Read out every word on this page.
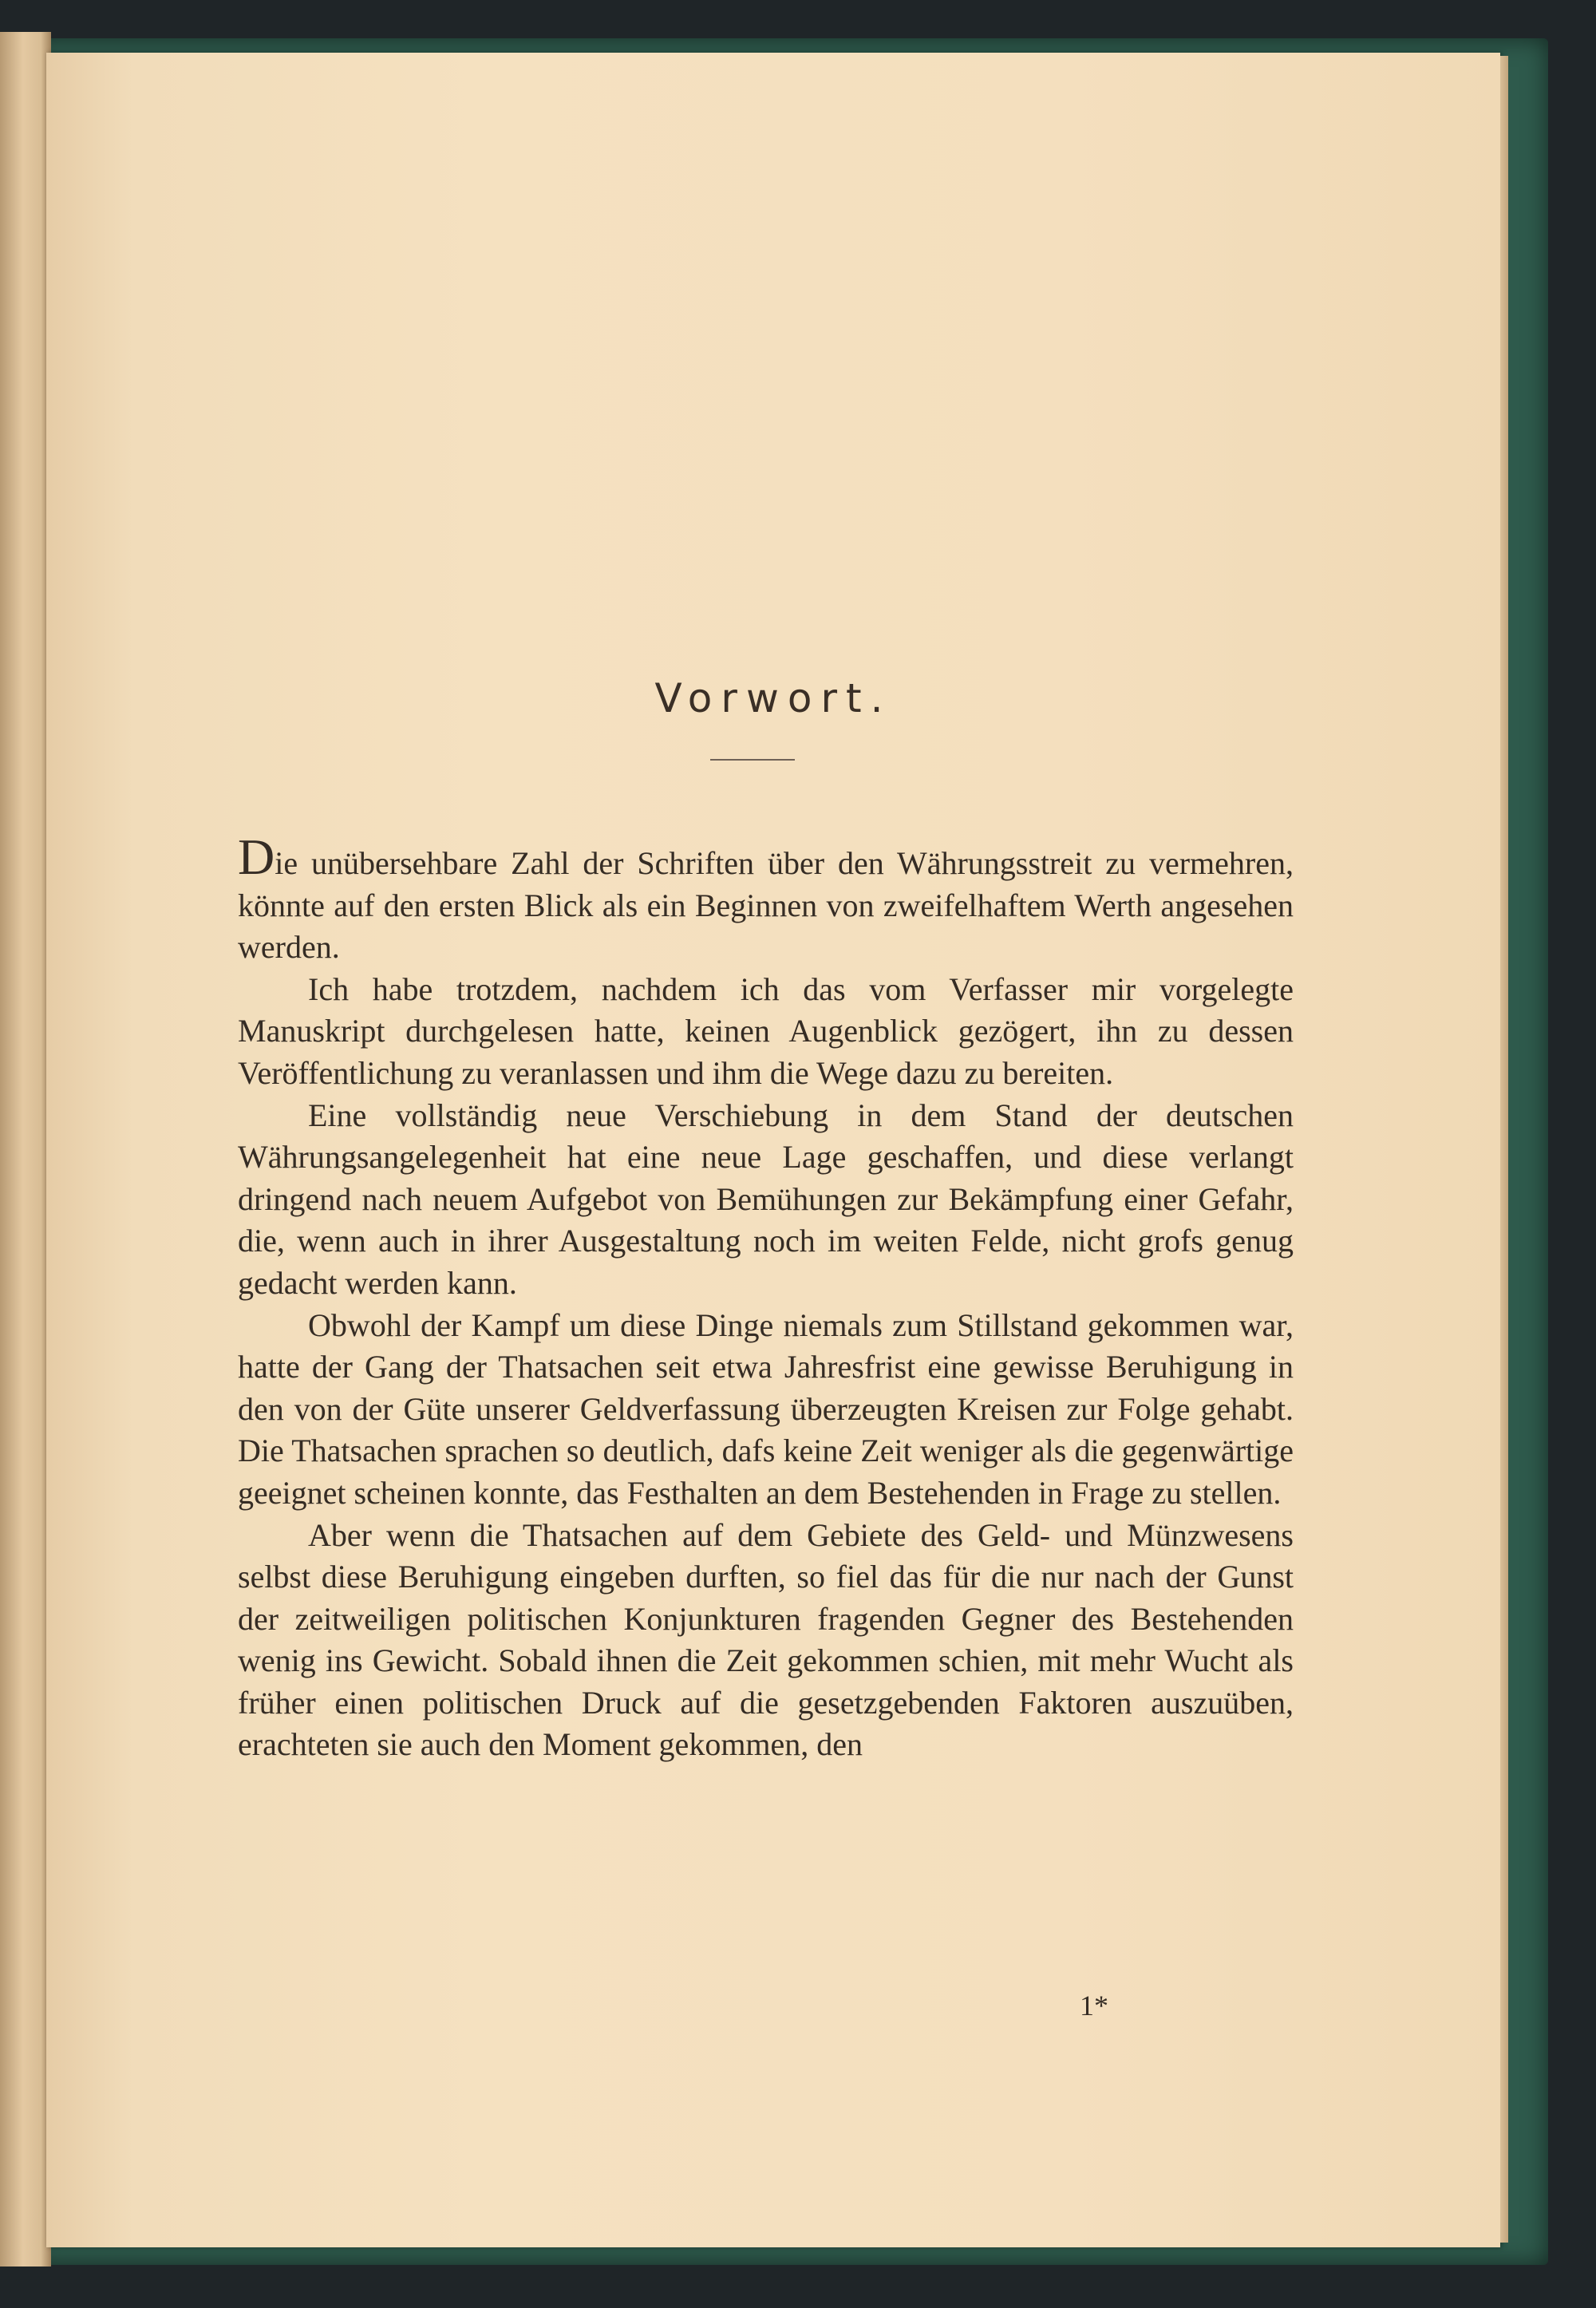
Vorwort.

Die unübersehbare Zahl der Schriften über den Währungsstreit zu vermehren, könnte auf den ersten Blick als ein Beginnen von zweifelhaftem Werth angesehen werden.

Ich habe trotzdem, nachdem ich das vom Verfasser mir vorgelegte Manuskript durchgelesen hatte, keinen Augenblick gezögert, ihn zu dessen Veröffentlichung zu veranlassen und ihm die Wege dazu zu bereiten.

Eine vollständig neue Verschiebung in dem Stand der deutschen Währungsangelegenheit hat eine neue Lage geschaffen, und diese verlangt dringend nach neuem Aufgebot von Bemühungen zur Bekämpfung einer Gefahr, die, wenn auch in ihrer Ausgestaltung noch im weiten Felde, nicht grofs genug gedacht werden kann.

Obwohl der Kampf um diese Dinge niemals zum Stillstand gekommen war, hatte der Gang der Thatsachen seit etwa Jahresfrist eine gewisse Beruhigung in den von der Güte unserer Geldverfassung überzeugten Kreisen zur Folge gehabt. Die Thatsachen sprachen so deutlich, dafs keine Zeit weniger als die gegenwärtige geeignet scheinen konnte, das Festhalten an dem Bestehenden in Frage zu stellen.

Aber wenn die Thatsachen auf dem Gebiete des Geld- und Münzwesens selbst diese Beruhigung eingeben durften, so fiel das für die nur nach der Gunst der zeitweiligen politischen Konjunkturen fragenden Gegner des Bestehenden wenig ins Gewicht. Sobald ihnen die Zeit gekommen schien, mit mehr Wucht als früher einen politischen Druck auf die gesetzgebenden Faktoren auszuüben, erachteten sie auch den Moment gekommen, den

1*
